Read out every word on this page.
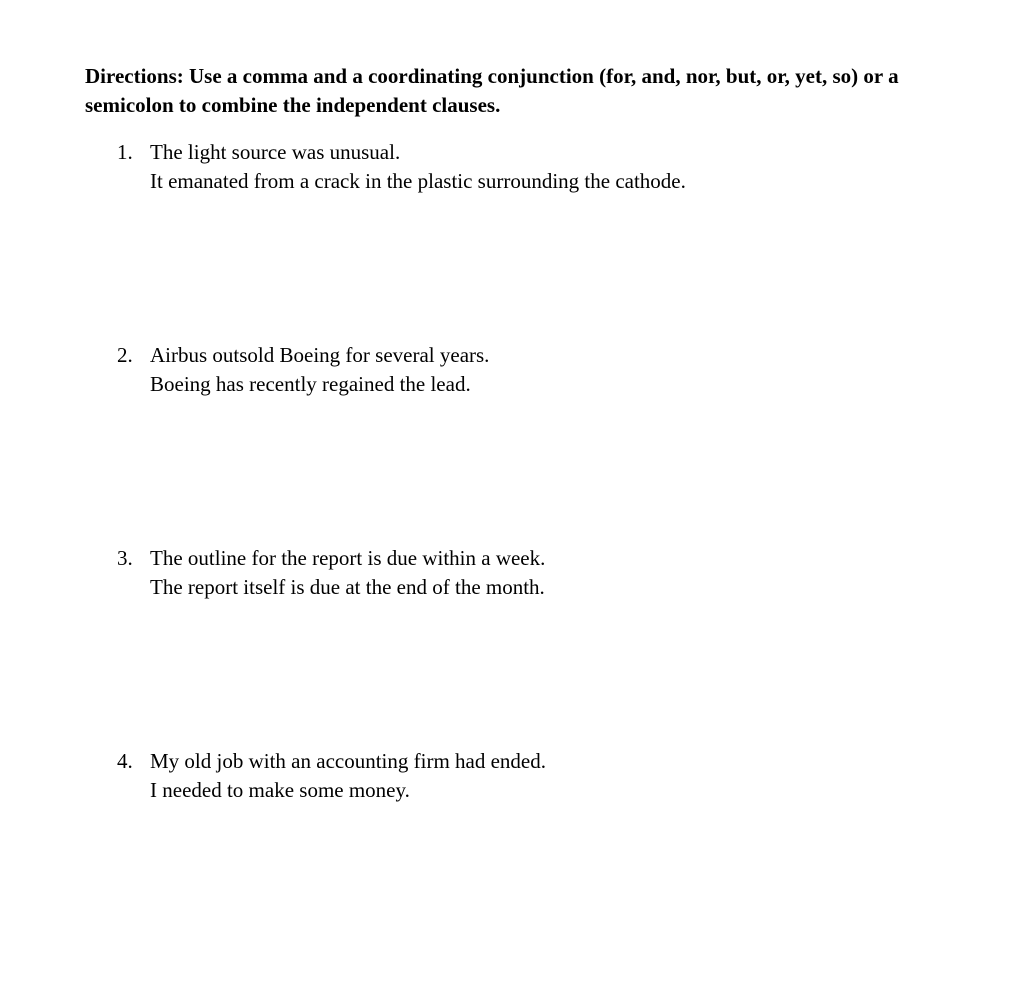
Directions: Use a comma and a coordinating conjunction (for, and, nor, but, or, yet, so) or a semicolon to combine the independent clauses.
1. The light source was unusual.
It emanated from a crack in the plastic surrounding the cathode.
2. Airbus outsold Boeing for several years.
Boeing has recently regained the lead.
3. The outline for the report is due within a week.
The report itself is due at the end of the month.
4. My old job with an accounting firm had ended.
I needed to make some money.
